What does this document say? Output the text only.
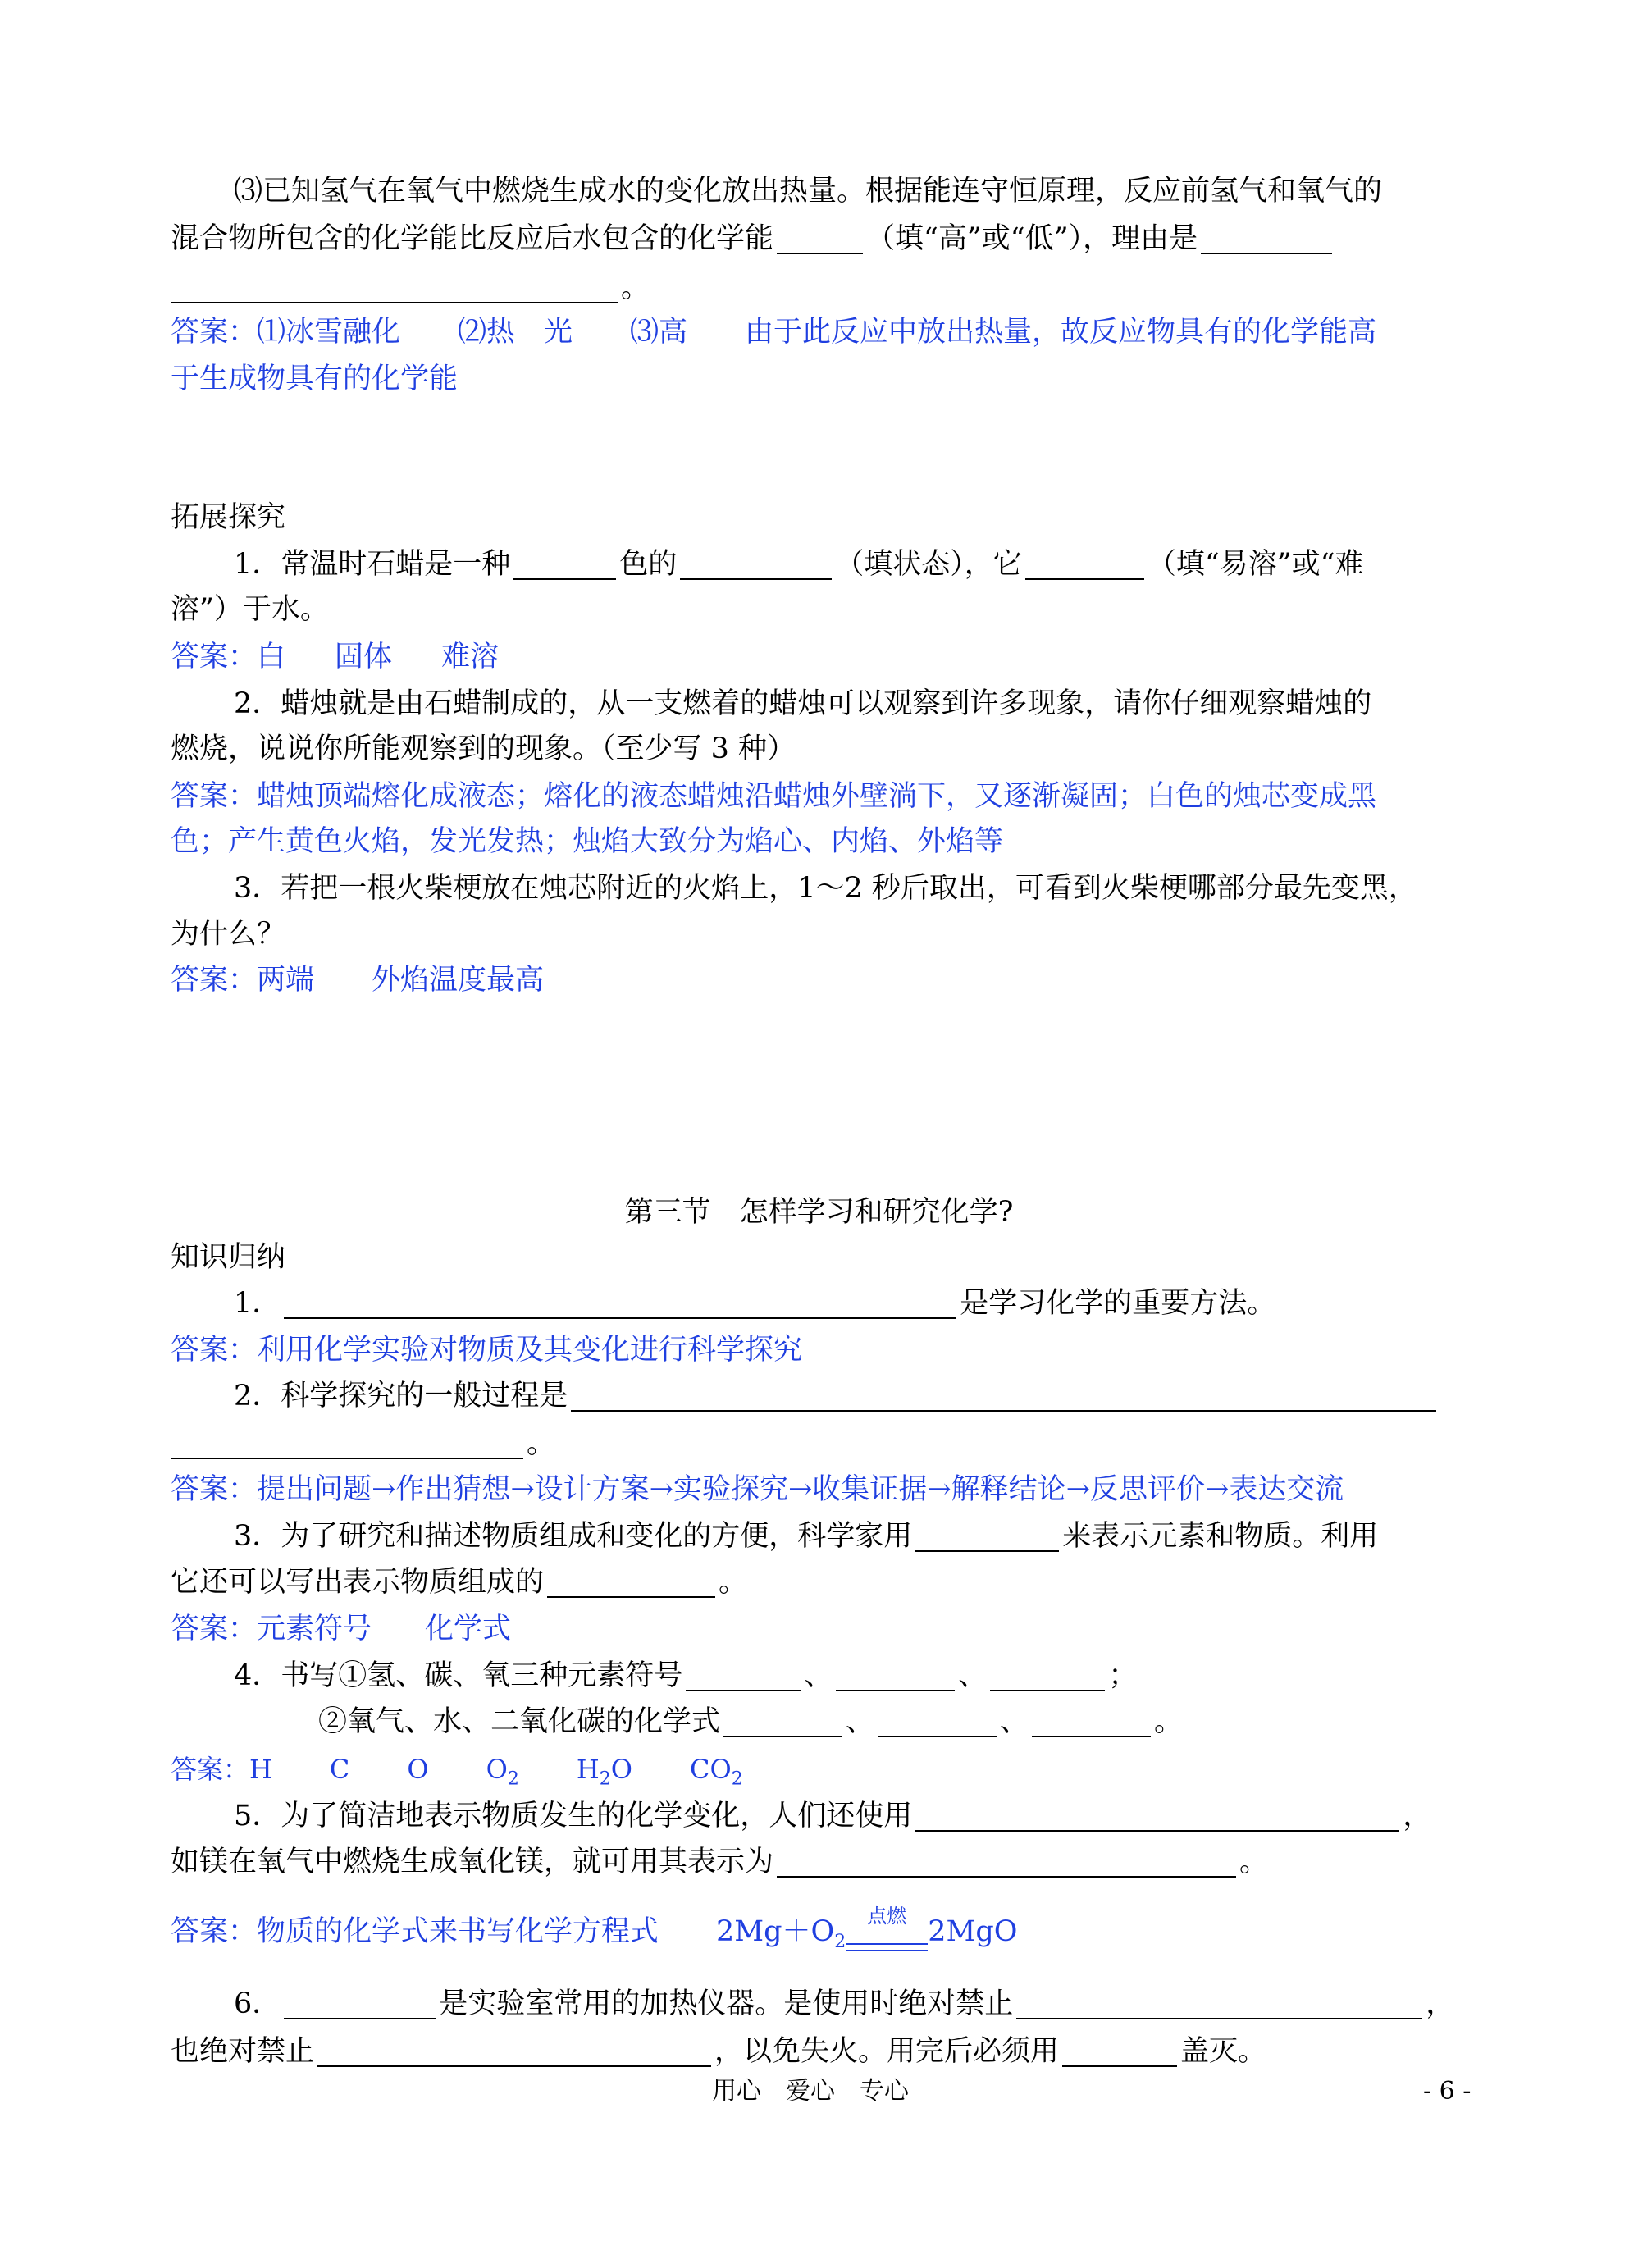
⑶已知氢气在氧气中燃烧生成水的变化放出热量。根据能连守恒原理，反应前氢气和氧气的
混合物所包含的化学能比反应后水包含的化学能	（填“高”或“低”），理由是
。
答案：⑴冰雪融化 ⑵热　光 ⑶高 由于此反应中放出热量，故反应物具有的化学能高
于生成物具有的化学能
拓展探究
1．常温时石蜡是一种	色的	（填状态），它	（填“易溶”或“难
溶”）于水。
答案：白 固体 难溶
2．蜡烛就是由石蜡制成的，从一支燃着的蜡烛可以观察到许多现象，请你仔细观察蜡烛的
燃烧，说说你所能观察到的现象。（至少写 3 种）
答案：蜡烛顶端熔化成液态；熔化的液态蜡烛沿蜡烛外壁淌下，又逐渐凝固；白色的烛芯变成黑
色；产生黄色火焰，发光发热；烛焰大致分为焰心、内焰、外焰等
3．若把一根火柴梗放在烛芯附近的火焰上，1～2 秒后取出，可看到火柴梗哪部分最先变黑，
为什么？
答案：两端 外焰温度最高
第三节　怎样学习和研究化学?
知识归纳
1．	是学习化学的重要方法。
答案：利用化学实验对物质及其变化进行科学探究
2．科学探究的一般过程是
。
答案：提出问题→作出猜想→设计方案→实验探究→收集证据→解释结论→反思评价→表达交流
3．为了研究和描述物质组成和变化的方便，科学家用	来表示元素和物质。利用
它还可以写出表示物质组成的	。
答案：元素符号 化学式
4．书写①氢、碳、氧三种元素符号	、	、	；
②氧气、水、二氧化碳的化学式	、	、	。
答案：H C O $O_2$ $H_2O$ $CO_2$
5．为了简洁地表示物质发生的化学变化，人们还使用	，
如镁在氧气中燃烧生成氧化镁，就可用其表示为	。
答案：物质的化学式来书写化学方程式 $2Mg+O_2$
点燃 2MgO
6．	是实验室常用的加热仪器。是使用时绝对禁止	，
也绝对禁止	，以免失火。用完后必须用	盖灭。
用心　爱心　专心	- 6 -
